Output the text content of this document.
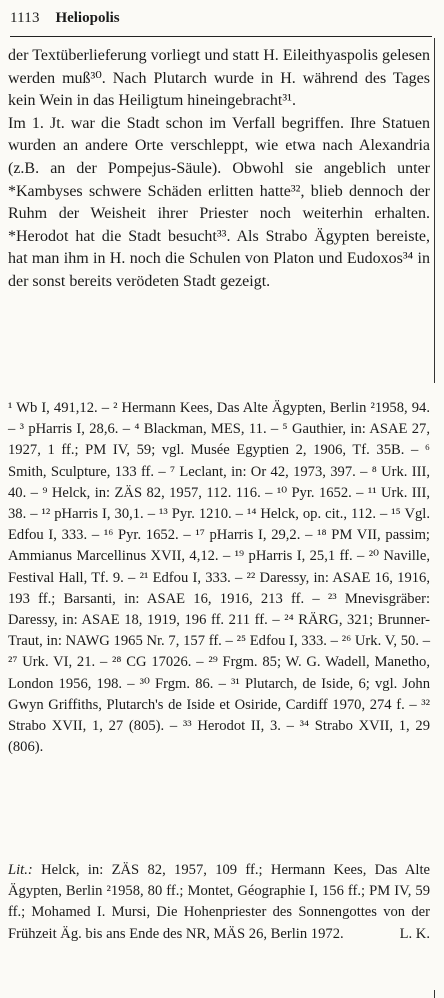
1113 Heliopolis

der Textüberlieferung vorliegt und statt H. Eileithyaspolis gelesen werden muß³⁰. Nach Plutarch wurde in H. während des Tages kein Wein in das Heiligtum hineingebracht³¹.

Im 1. Jt. war die Stadt schon im Verfall begriffen. Ihre Statuen wurden an andere Orte verschleppt, wie etwa nach Alexandria (z.B. an der Pompejus-Säule). Obwohl sie angeblich unter *Kambyses schwere Schäden erlitten hatte³², blieb dennoch der Ruhm der Weisheit ihrer Priester noch weiterhin erhalten. *Herodot hat die Stadt besucht³³. Als Strabo Ägypten bereiste, hat man ihm in H. noch die Schulen von Platon und Eudoxos³⁴ in der sonst bereits verödeten Stadt gezeigt.

¹ Wb I, 491,12. – ² Hermann Kees, Das Alte Ägypten, Berlin ²1958, 94. – ³ pHarris I, 28,6. – ⁴ Blackman, MES, 11. – ⁵ Gauthier, in: ASAE 27, 1927, 1 ff.; PM IV, 59; vgl. Musée Egyptien 2, 1906, Tf. 35B. – ⁶ Smith, Sculpture, 133 ff. – ⁷ Leclant, in: Or 42, 1973, 397. – ⁸ Urk. III, 40. – ⁹ Helck, in: ZÄS 82, 1957, 112. 116. – ¹⁰ Pyr. 1652. – ¹¹ Urk. III, 38. – ¹² pHarris I, 30,1. – ¹³ Pyr. 1210. – ¹⁴ Helck, op. cit., 112. – ¹⁵ Vgl. Edfou I, 333. – ¹⁶ Pyr. 1652. – ¹⁷ pHarris I, 29,2. – ¹⁸ PM VII, passim; Ammianus Marcellinus XVII, 4,12. – ¹⁹ pHarris I, 25,1 ff. – ²⁰ Naville, Festival Hall, Tf. 9. – ²¹ Edfou I, 333. – ²² Daressy, in: ASAE 16, 1916, 193 ff.; Barsanti, in: ASAE 16, 1916, 213 ff. – ²³ Mnevisgräber: Daressy, in: ASAE 18, 1919, 196 ff. 211 ff. – ²⁴ RÄRG, 321; Brunner-Traut, in: NAWG 1965 Nr. 7, 157 ff. – ²⁵ Edfou I, 333. – ²⁶ Urk. V, 50. – ²⁷ Urk. VI, 21. – ²⁸ CG 17026. – ²⁹ Frgm. 85; W. G. Wadell, Manetho, London 1956, 198. – ³⁰ Frgm. 86. – ³¹ Plutarch, de Iside, 6; vgl. John Gwyn Griffiths, Plutarch's de Iside et Osiride, Cardiff 1970, 274 f. – ³² Strabo XVII, 1, 27 (805). – ³³ Herodot II, 3. – ³⁴ Strabo XVII, 1, 29 (806).
Lit.: Helck, in: ZÄS 82, 1957, 109 ff.; Hermann Kees, Das Alte Ägypten, Berlin ²1958, 80 ff.; Montet, Géographie I, 156 ff.; PM IV, 59 ff.; Mohamed I. Mursi, Die Hohenpriester des Sonnengottes von der Frühzeit Äg. bis ans Ende des NR, MÄS 26, Berlin 1972.	L. K.
